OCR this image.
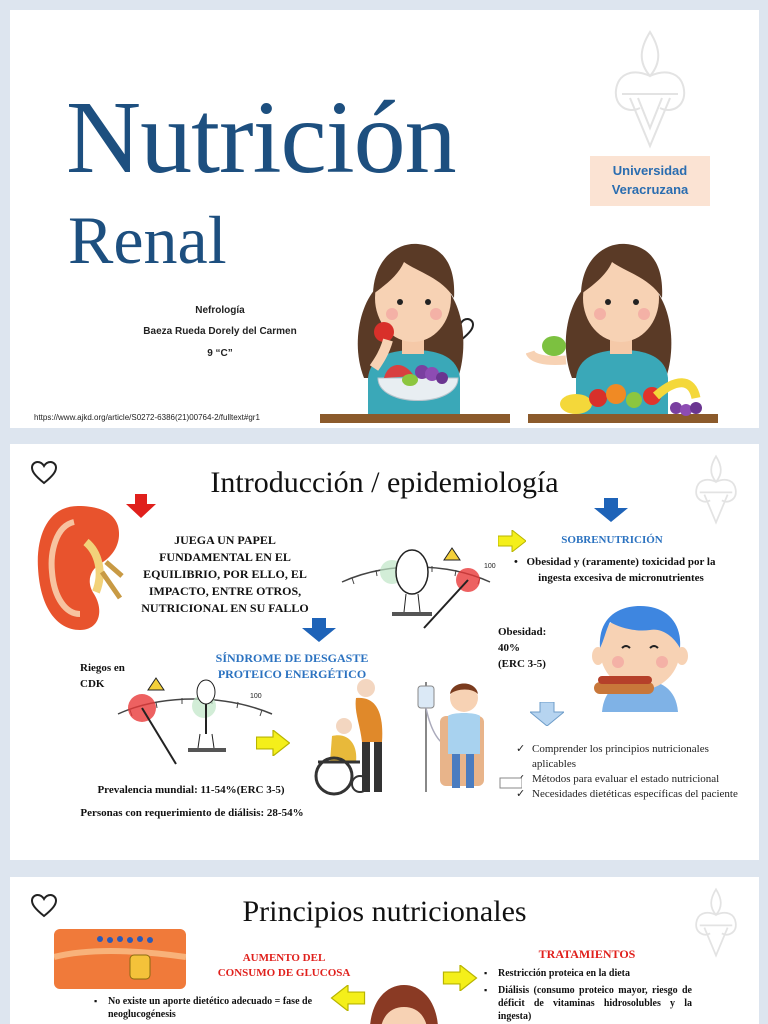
Nutrición
Renal
Nefrología
Baeza Rueda Dorely del Carmen
9 “C”
https://www.ajkd.org/article/S0272-6386(21)00764-2/fulltext#gr1
Universidad
Veracruzana
Introducción / epidemiología
JUEGA UN PAPEL FUNDAMENTAL EN EL EQUILIBRIO, POR ELLO, EL IMPACTO, ENTRE OTROS, NUTRICIONAL EN SU FALLO
100
SOBRENUTRICIÓN
• Obesidad y (raramente) toxicidad por la ingesta excesiva de micronutrientes
Obesidad:
40%
(ERC 3-5)
✓ Comprender los principios nutricionales aplicables
✓ Métodos para evaluar el estado nutricional
✓ Necesidades dietéticas específicas del paciente
SÍNDROME DE DESGASTE PROTEICO ENERGÉTICO
Riegos en
CDK
100
Prevalencia mundial: 11-54%(ERC 3-5)
Personas con requerimiento de diálisis: 28-54%
Principios nutricionales
AUMENTO DEL CONSUMO DE GLUCOSA
▪ No existe un aporte dietético adecuado = fase de neoglucogénesis
TRATAMIENTOS
▪ Restricción proteica en la dieta
▪ Diálisis (consumo proteico mayor, riesgo de déficit de vitaminas hidrosolubles y la ingesta)
